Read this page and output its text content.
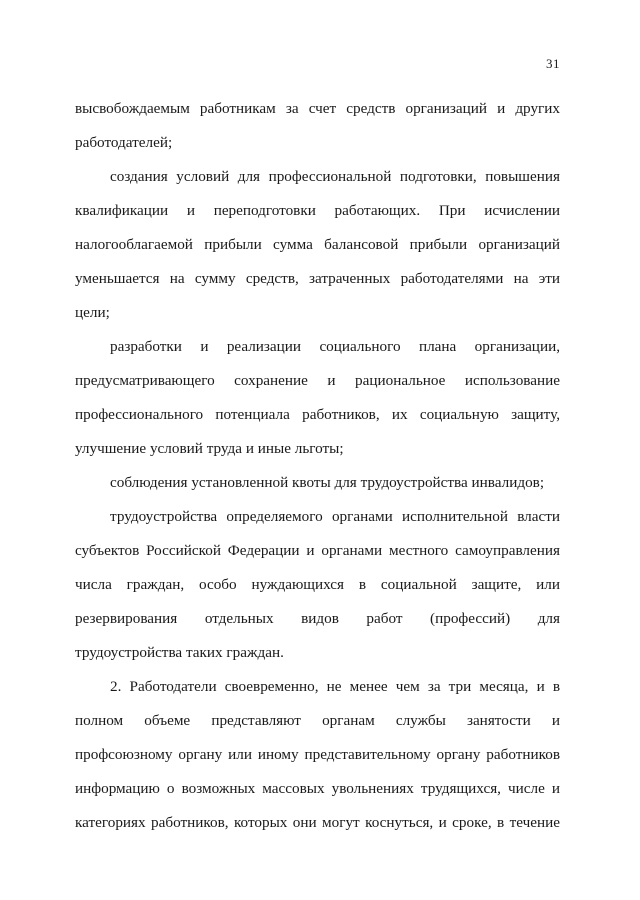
31
высвобождаемым работникам за счет средств организаций и других
работодателей;
создания условий для профессиональной подготовки, повышения
квалификации и переподготовки работающих. При исчислении
налогооблагаемой прибыли сумма балансовой прибыли организаций
уменьшается на сумму средств, затраченных работодателями на эти
цели;
разработки и реализации социального плана организации,
предусматривающего сохранение и рациональное использование
профессионального потенциала работников, их социальную защиту,
улучшение условий труда и иные льготы;
соблюдения установленной квоты для трудоустройства инвалидов;
трудоустройства определяемого органами исполнительной власти
субъектов Российской Федерации и органами местного самоуправления
числа граждан, особо нуждающихся в социальной защите, или
резервирования отдельных видов работ (профессий) для
трудоустройства таких граждан.
2. Работодатели своевременно, не менее чем за три месяца, и в
полном объеме представляют органам службы занятости и
профсоюзному органу или иному представительному органу работников
информацию о возможных массовых увольнениях трудящихся, числе и
категориях работников, которых они могут коснуться, и сроке, в течение
